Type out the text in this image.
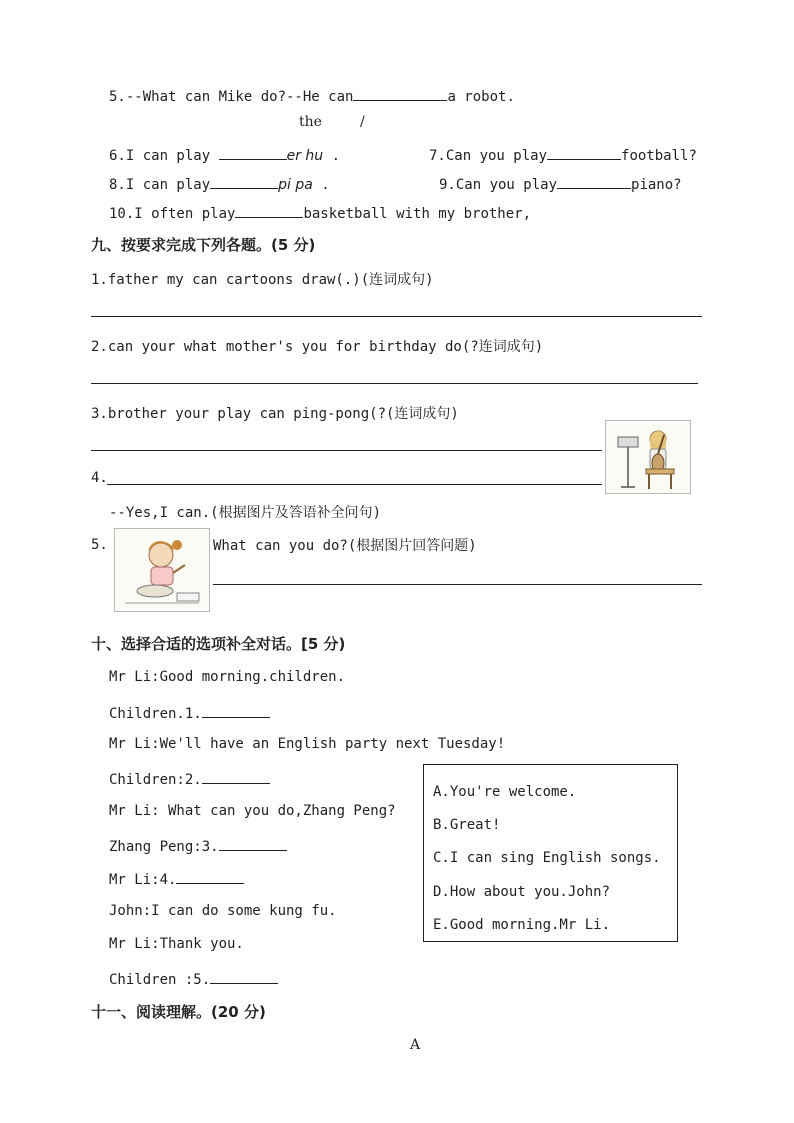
5.--What can Mike do?--He can	a robot.
the	/
6.I can play	er hu .	7.Can you play	football?
8.I can play	pi pa .	9.Can you play	piano?
10.I often play	basketball with my brother,
九、按要求完成下列各题。(5 分)
1.father my can cartoons draw(.)(连词成句)
2.can your what mother's you for birthday do(?连词成句)
3.brother your play can ping-pong(?(连词成句)
4.
--Yes,I can.(根据图片及答语补全问句)
5.	What can you do?(根据图片回答问题)
十、选择合适的选项补全对话。[5 分)
Mr Li:Good morning.children.
Children.1.
Mr Li:We'll have an English party next Tuesday!
Children:2.
Mr Li: What can you do,Zhang Peng?
Zhang Peng:3.
Mr Li:4.
John:I can do some kung fu.
Mr Li:Thank you.
Children :5.
A.You're welcome.
B.Great!
C.I can sing English songs.
D.How about you.John?
E.Good morning.Mr Li.
十一、阅读理解。(20 分)
A
